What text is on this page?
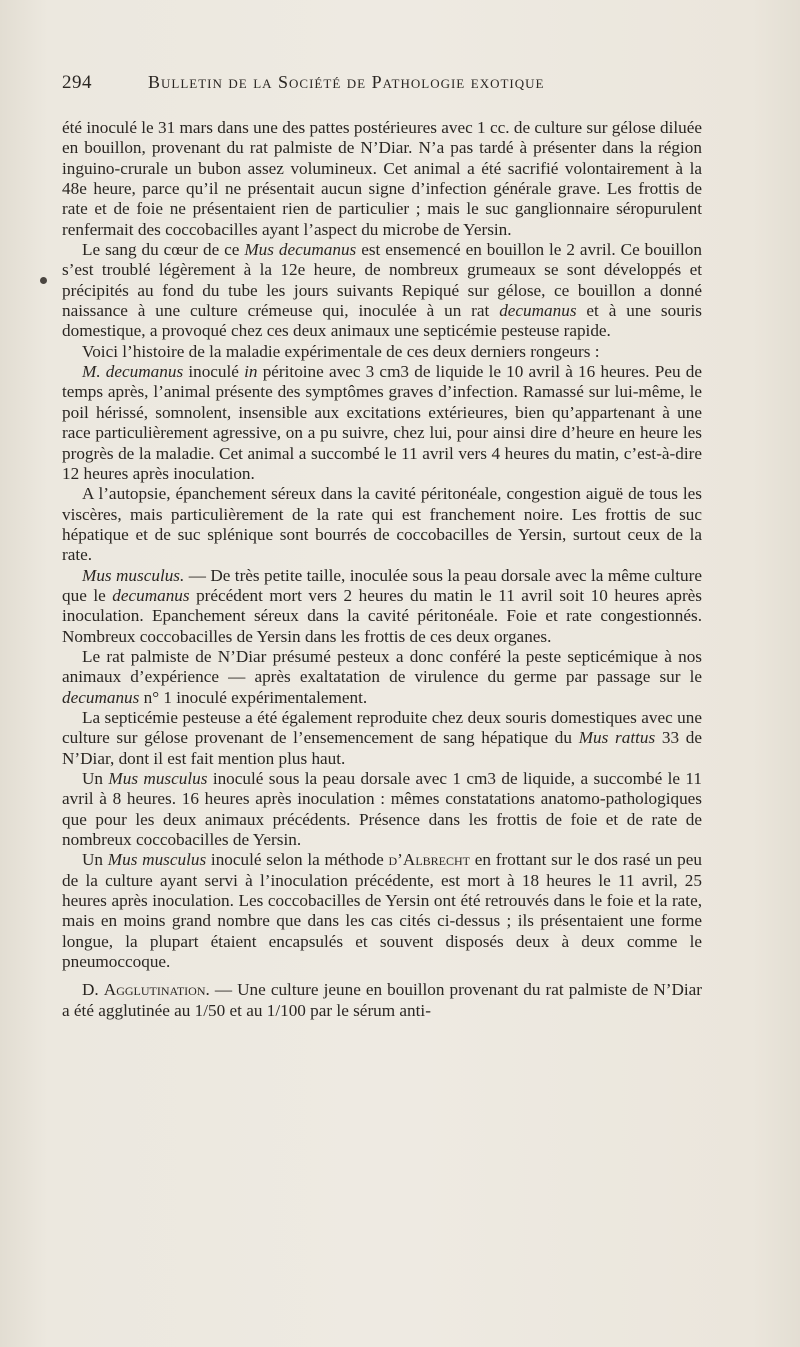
294	Bulletin de la Société de Pathologie exotique

été inoculé le 31 mars dans une des pattes postérieures avec 1 cc. de culture sur gélose diluée en bouillon, provenant du rat palmiste de N’Diar. N’a pas tardé à présenter dans la région inguino-crurale un bubon assez volumineux. Cet animal a été sacrifié volontairement à la 48e heure, parce qu’il ne présentait aucun signe d’infection générale grave. Les frottis de rate et de foie ne présentaient rien de particulier ; mais le suc ganglionnaire séropurulent renfermait des coccobacilles ayant l’aspect du microbe de Yersin.

Le sang du cœur de ce Mus decumanus est ensemencé en bouillon le 2 avril. Ce bouillon s’est troublé légèrement à la 12e heure, de nombreux grumeaux se sont développés et précipités au fond du tube les jours suivants Repiqué sur gélose, ce bouillon a donné naissance à une culture crémeuse qui, inoculée à un rat decumanus et à une souris domestique, a provoqué chez ces deux animaux une septicémie pesteuse rapide.

Voici l’histoire de la maladie expérimentale de ces deux derniers rongeurs :

M. decumanus inoculé in péritoine avec 3 cm3 de liquide le 10 avril à 16 heures. Peu de temps après, l’animal présente des symptômes graves d’infection. Ramassé sur lui-même, le poil hérissé, somnolent, insensible aux excitations extérieures, bien qu’appartenant à une race particulièrement agressive, on a pu suivre, chez lui, pour ainsi dire d’heure en heure les progrès de la maladie. Cet animal a succombé le 11 avril vers 4 heures du matin, c’est-à-dire 12 heures après inoculation.

A l’autopsie, épanchement séreux dans la cavité péritonéale, congestion aiguë de tous les viscères, mais particulièrement de la rate qui est franchement noire. Les frottis de suc hépatique et de suc splénique sont bourrés de coccobacilles de Yersin, surtout ceux de la rate.

Mus musculus. — De très petite taille, inoculée sous la peau dorsale avec la même culture que le decumanus précédent mort vers 2 heures du matin le 11 avril soit 10 heures après inoculation. Epanchement séreux dans la cavité péritonéale. Foie et rate congestionnés. Nombreux coccobacilles de Yersin dans les frottis de ces deux organes.

Le rat palmiste de N’Diar présumé pesteux a donc conféré la peste septicémique à nos animaux d’expérience — après exaltatation de virulence du germe par passage sur le decumanus n° 1 inoculé expérimentalement.

La septicémie pesteuse a été également reproduite chez deux souris domestiques avec une culture sur gélose provenant de l’ensemencement de sang hépatique du Mus rattus 33 de N’Diar, dont il est fait mention plus haut.

Un Mus musculus inoculé sous la peau dorsale avec 1 cm3 de liquide, a succombé le 11 avril à 8 heures. 16 heures après inoculation : mêmes constatations anatomo-pathologiques que pour les deux animaux précédents. Présence dans les frottis de foie et de rate de nombreux coccobacilles de Yersin.

Un Mus musculus inoculé selon la méthode d’Albrecht en frottant sur le dos rasé un peu de la culture ayant servi à l’inoculation précédente, est mort à 18 heures le 11 avril, 25 heures après inoculation. Les coccobacilles de Yersin ont été retrouvés dans le foie et la rate, mais en moins grand nombre que dans les cas cités ci-dessus ; ils présentaient une forme longue, la plupart étaient encapsulés et souvent disposés deux à deux comme le pneumoccoque.

D. Agglutination. — Une culture jeune en bouillon provenant du rat palmiste de N’Diar a été agglutinée au 1/50 et au 1/100 par le sérum anti-
